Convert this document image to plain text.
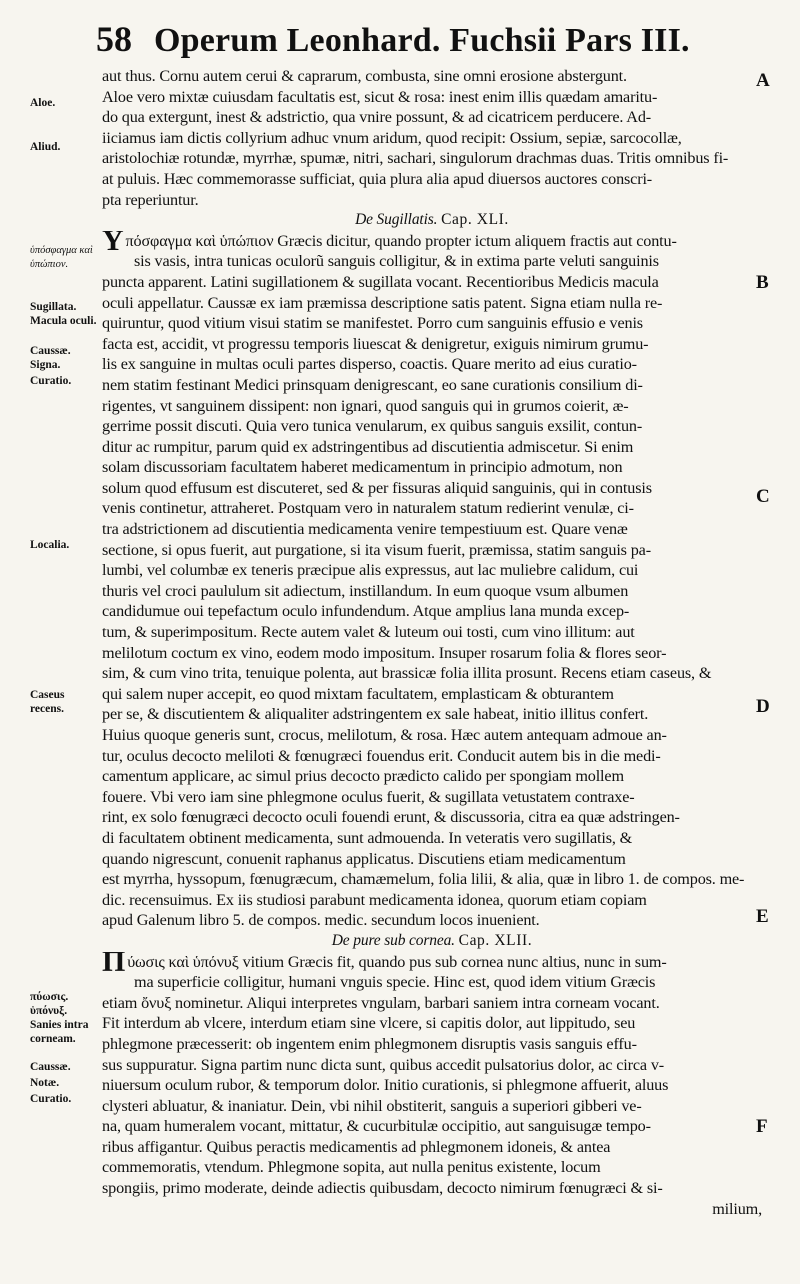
58 Operum Leonhard. Fuchsii Pars III.
Aloe.
Aliud.
ὑπόσφαγμα καὶ ὑπώπιον.
Sugillata.
Macula oculi.
Caussæ.
Signa.
Curatio.
Localia.
Caseus recens.
πύωσις. ὑπόνυξ. Sanies intra corneam.
Caussæ.
Notæ.
Curatio.
A
B
C
D
E
F
aut thus. Cornu autem cerui & caprarum, combusta, sine omni erosione abstergunt.
Aloe vero mixtæ cuiusdam facultatis est, sicut & rosa: inest enim illis quædam amaritu-
do qua extergunt, inest & adstrictio, qua vnire possunt, & ad cicatricem perducere. Ad-
iiciamus iam dictis collyrium adhuc vnum aridum, quod recipit: Ossium, sepiæ, sarcocollæ,
aristolochiæ rotundæ, myrrhæ, spumæ, nitri, sachari, singulorum drachmas duas. Tritis omnibus fi-
at puluis. Hæc commemorasse sufficiat, quia plura alia apud diuersos auctores conscri-
pta reperiuntur.
De Sugillatis. Cap. XLI.
Yπόσφαγμα καὶ ὑπώπιον Græcis dicitur, quando propter ictum aliquem fractis aut contu-
sis vasis, intra tunicas oculorũ sanguis colligitur, & in extima parte veluti sanguinis
puncta apparent. Latini sugillationem & sugillata vocant. Recentioribus Medicis macula
oculi appellatur. Caussæ ex iam præmissa descriptione satis patent. Signa etiam nulla re-
quiruntur, quod vitium visui statim se manifestet. Porro cum sanguinis effusio e venis
facta est, accidit, vt progressu temporis liuescat & denigretur, exiguis nimirum grumu-
lis ex sanguine in multas oculi partes disperso, coactis. Quare merito ad eius curatio-
nem statim festinant Medici prinsquam denigrescant, eo sane curationis consilium di-
rigentes, vt sanguinem dissipent: non ignari, quod sanguis qui in grumos coierit, æ-
gerrime possit discuti. Quia vero tunica venularum, ex quibus sanguis exsilit, contun-
ditur ac rumpitur, parum quid ex adstringentibus ad discutientia admiscetur. Si enim
solam discussoriam facultatem haberet medicamentum in principio admotum, non
solum quod effusum est discuteret, sed & per fissuras aliquid sanguinis, qui in contusis
venis continetur, attraheret. Postquam vero in naturalem statum redierint venulæ, ci-
tra adstrictionem ad discutientia medicamenta venire tempestiuum est. Quare venæ
sectione, si opus fuerit, aut purgatione, si ita visum fuerit, præmissa, statim sanguis pa-
lumbi, vel columbæ ex teneris præcipue alis expressus, aut lac muliebre calidum, cui
thuris vel croci paululum sit adiectum, instillandum. In eum quoque vsum albumen
candidumue oui tepefactum oculo infundendum. Atque amplius lana munda excep-
tum, & superimpositum. Recte autem valet & luteum oui tosti, cum vino illitum: aut
melilotum coctum ex vino, eodem modo impositum. Insuper rosarum folia & flores seor-
sim, & cum vino trita, tenuique polenta, aut brassicæ folia illita prosunt. Recens etiam caseus, &
qui salem nuper accepit, eo quod mixtam facultatem, emplasticam & obturantem
per se, & discutientem & aliqualiter adstringentem ex sale habeat, initio illitus confert.
Huius quoque generis sunt, crocus, melilotum, & rosa. Hæc autem antequam admoue an-
tur, oculus decocto meliloti & fœnugræci fouendus erit. Conducit autem bis in die medi-
camentum applicare, ac simul prius decocto prædicto calido per spongiam mollem
fouere. Vbi vero iam sine phlegmone oculus fuerit, & sugillata vetustatem contraxe-
rint, ex solo fœnugræci decocto oculi fouendi erunt, & discussoria, citra ea quæ adstringen-
di facultatem obtinent medicamenta, sunt admouenda. In veteratis vero sugillatis, &
quando nigrescunt, conuenit raphanus applicatus. Discutiens etiam medicamentum
est myrrha, hyssopum, fœnugræcum, chamæmelum, folia lilii, & alia, quæ in libro 1. de compos. me-
dic. recensuimus. Ex iis studiosi parabunt medicamenta idonea, quorum etiam copiam
apud Galenum libro 5. de compos. medic. secundum locos inuenient.
De pure sub cornea. Cap. XLII.
Πύωσις καὶ ὑπόνυξ vitium Græcis fit, quando pus sub cornea nunc altius, nunc in sum-
ma superficie colligitur, humani vnguis specie. Hinc est, quod idem vitium Græcis
etiam ὄνυξ nominetur. Aliqui interpretes vngulam, barbari saniem intra corneam vocant.
Fit interdum ab vlcere, interdum etiam sine vlcere, si capitis dolor, aut lippitudo, seu
phlegmone præcesserit: ob ingentem enim phlegmonem disruptis vasis sanguis effu-
sus suppuratur. Signa partim nunc dicta sunt, quibus accedit pulsatorius dolor, ac circa v-
niuersum oculum rubor, & temporum dolor. Initio curationis, si phlegmone affuerit, aluus
clysteri abluatur, & inaniatur. Dein, vbi nihil obstiterit, sanguis a superiori gibberi ve-
na, quam humeralem vocant, mittatur, & cucurbitulæ occipitio, aut sanguisugæ tempo-
ribus affigantur. Quibus peractis medicamentis ad phlegmonem idoneis, & antea
commemoratis, vtendum. Phlegmone sopita, aut nulla penitus existente, locum
spongiis, primo moderate, deinde adiectis quibusdam, decocto nimirum fœnugræci & si-
milium,
